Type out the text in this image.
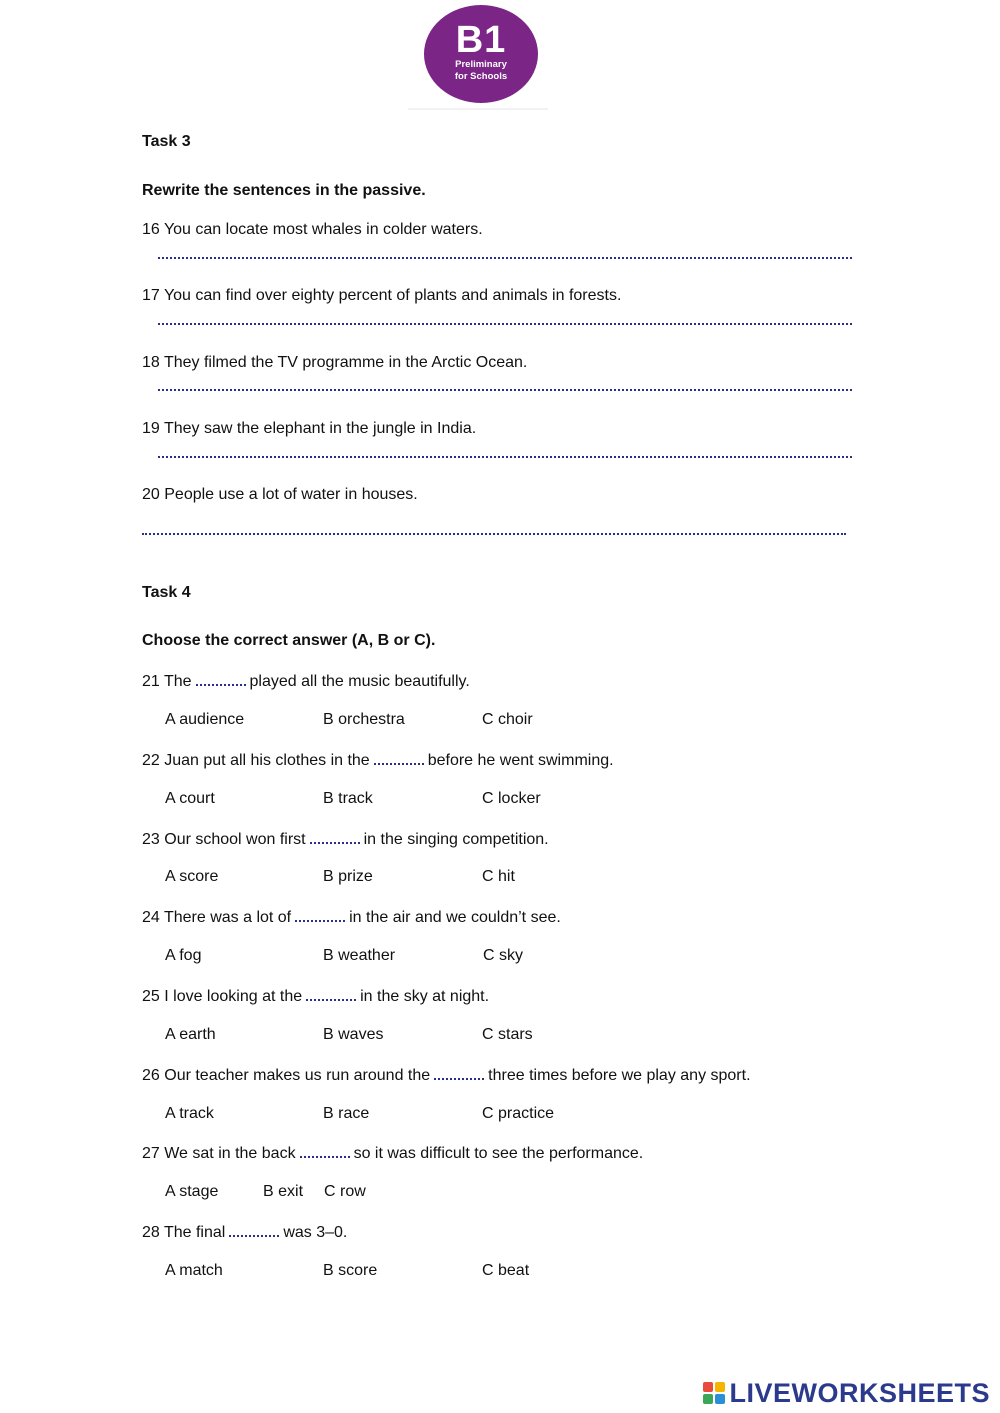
B1
Preliminary
for Schools
Task 3
Rewrite the sentences in the passive.
16 You can locate most whales in colder waters.
17 You can find over eighty percent of plants and animals in forests.
18 They filmed the TV programme in the Arctic Ocean.
19 They saw the elephant in the jungle in India.
20 People use a lot of water in houses.
Task 4
Choose the correct answer (A, B or C).
21 The	played all the music beautifully.
A audience	B orchestra	C choir
22 Juan put all his clothes in the	before he went swimming.
A court	B track	C locker
23 Our school won first	in the singing competition.
A score	B prize	C hit
24 There was a lot of	in the air and we couldn’t see.
A fog	B weather	C sky
25 I love looking at the	in the sky at night.
A earth	B waves	C stars
26 Our teacher makes us run around the	three times before we play any sport.
A track	B race	C practice
27 We sat in the back	so it was difficult to see the performance.
A stage	B exit C row
28 The final	was 3–0.
A match	B score	C beat
LIVEWORKSHEETS
